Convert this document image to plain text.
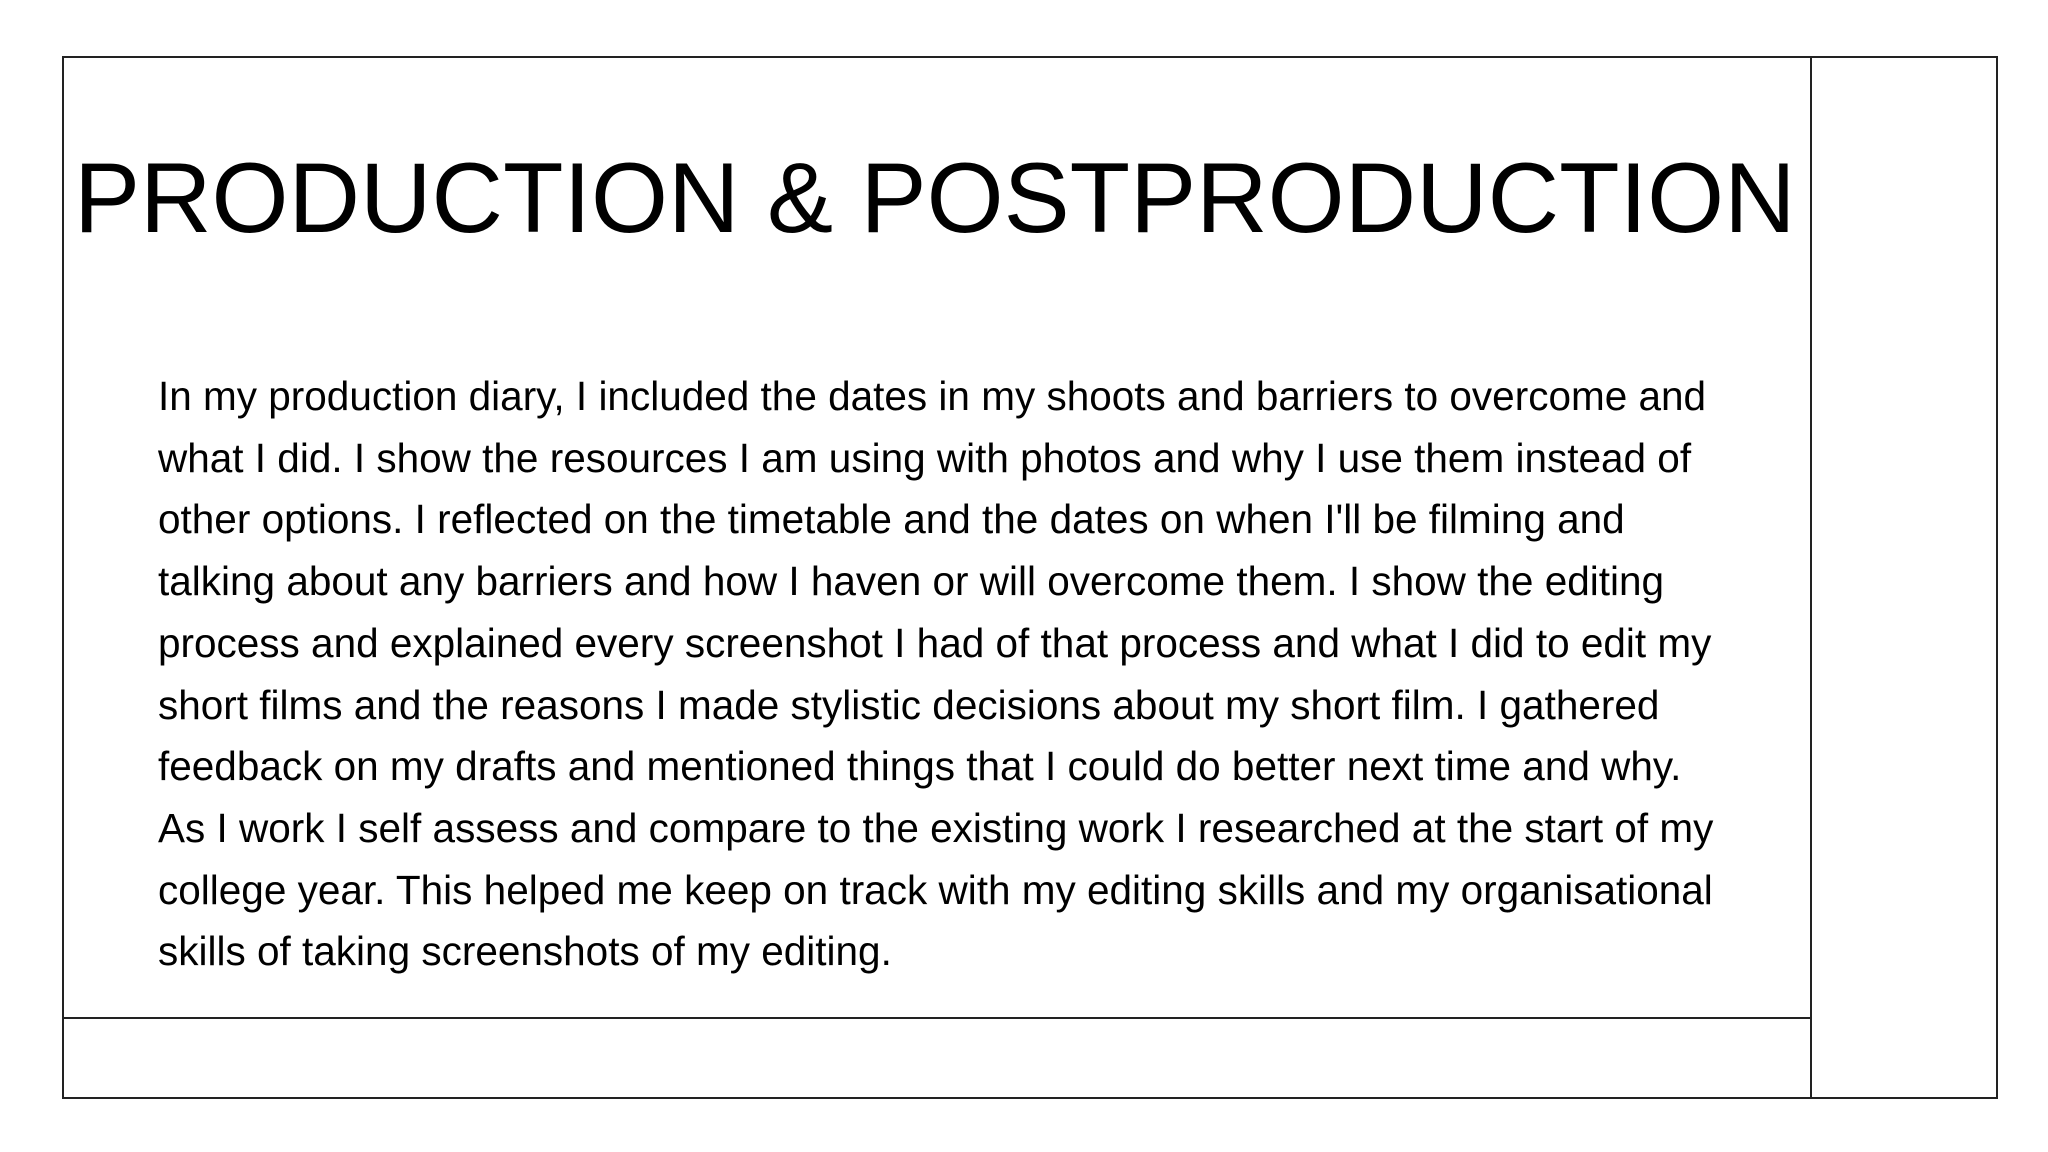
PRODUCTION & POSTPRODUCTION

In my production diary, I included the dates in my shoots and barriers to overcome and what I did. I show the resources I am using with photos and why I use them instead of other options. I reflected on the timetable and the dates on when I'll be filming and talking about any barriers and how I haven or will overcome them. I show the editing process and explained every screenshot I had of that process and what I did to edit my short films and the reasons I made stylistic decisions about my short film. I gathered feedback on my drafts and mentioned things that I could do better next time and why. As I work I self assess and compare to the existing work I researched at the start of my college year. This helped me keep on track with my editing skills and my organisational skills of taking screenshots of my editing.
